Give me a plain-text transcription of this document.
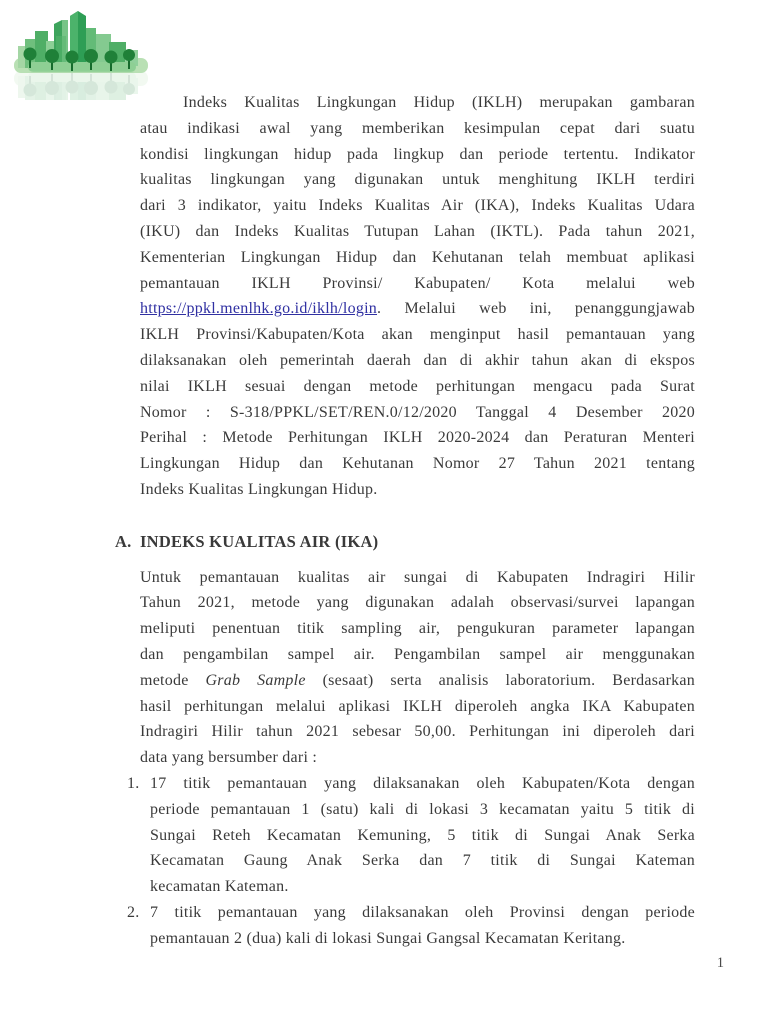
Indeks Kualitas Lingkungan Hidup (IKLH) merupakan gambaran
atau indikasi awal yang memberikan kesimpulan cepat dari suatu
kondisi lingkungan hidup pada lingkup dan periode tertentu. Indikator
kualitas lingkungan yang digunakan untuk menghitung IKLH terdiri
dari 3 indikator, yaitu Indeks Kualitas Air (IKA), Indeks Kualitas Udara
(IKU) dan Indeks Kualitas Tutupan Lahan (IKTL). Pada tahun 2021,
Kementerian Lingkungan Hidup dan Kehutanan telah membuat aplikasi
pemantauan IKLH Provinsi/ Kabupaten/ Kota melalui web
https://ppkl.menlhk.go.id/iklh/login. Melalui web ini, penanggungjawab
IKLH Provinsi/Kabupaten/Kota akan menginput hasil pemantauan yang
dilaksanakan oleh pemerintah daerah dan di akhir tahun akan di ekspos
nilai IKLH sesuai dengan metode perhitungan mengacu pada Surat
Nomor : S-318/PPKL/SET/REN.0/12/2020 Tanggal 4 Desember 2020
Perihal : Metode Perhitungan IKLH 2020-2024 dan Peraturan Menteri
Lingkungan Hidup dan Kehutanan Nomor 27 Tahun 2021 tentang
Indeks Kualitas Lingkungan Hidup.
A. INDEKS KUALITAS AIR (IKA)
Untuk pemantauan kualitas air sungai di Kabupaten Indragiri Hilir
Tahun 2021, metode yang digunakan adalah observasi/survei lapangan
meliputi penentuan titik sampling air, pengukuran parameter lapangan
dan pengambilan sampel air. Pengambilan sampel air menggunakan
metode Grab Sample (sesaat) serta analisis laboratorium. Berdasarkan
hasil perhitungan melalui aplikasi IKLH diperoleh angka IKA Kabupaten
Indragiri Hilir tahun 2021 sebesar 50,00. Perhitungan ini diperoleh dari
data yang bersumber dari :
1. 17 titik pemantauan yang dilaksanakan oleh Kabupaten/Kota dengan
periode pemantauan 1 (satu) kali di lokasi 3 kecamatan yaitu 5 titik di
Sungai Reteh Kecamatan Kemuning, 5 titik di Sungai Anak Serka
Kecamatan Gaung Anak Serka dan 7 titik di Sungai Kateman
kecamatan Kateman.
2. 7 titik pemantauan yang dilaksanakan oleh Provinsi dengan periode
pemantauan 2 (dua) kali di lokasi Sungai Gangsal Kecamatan Keritang.
1
